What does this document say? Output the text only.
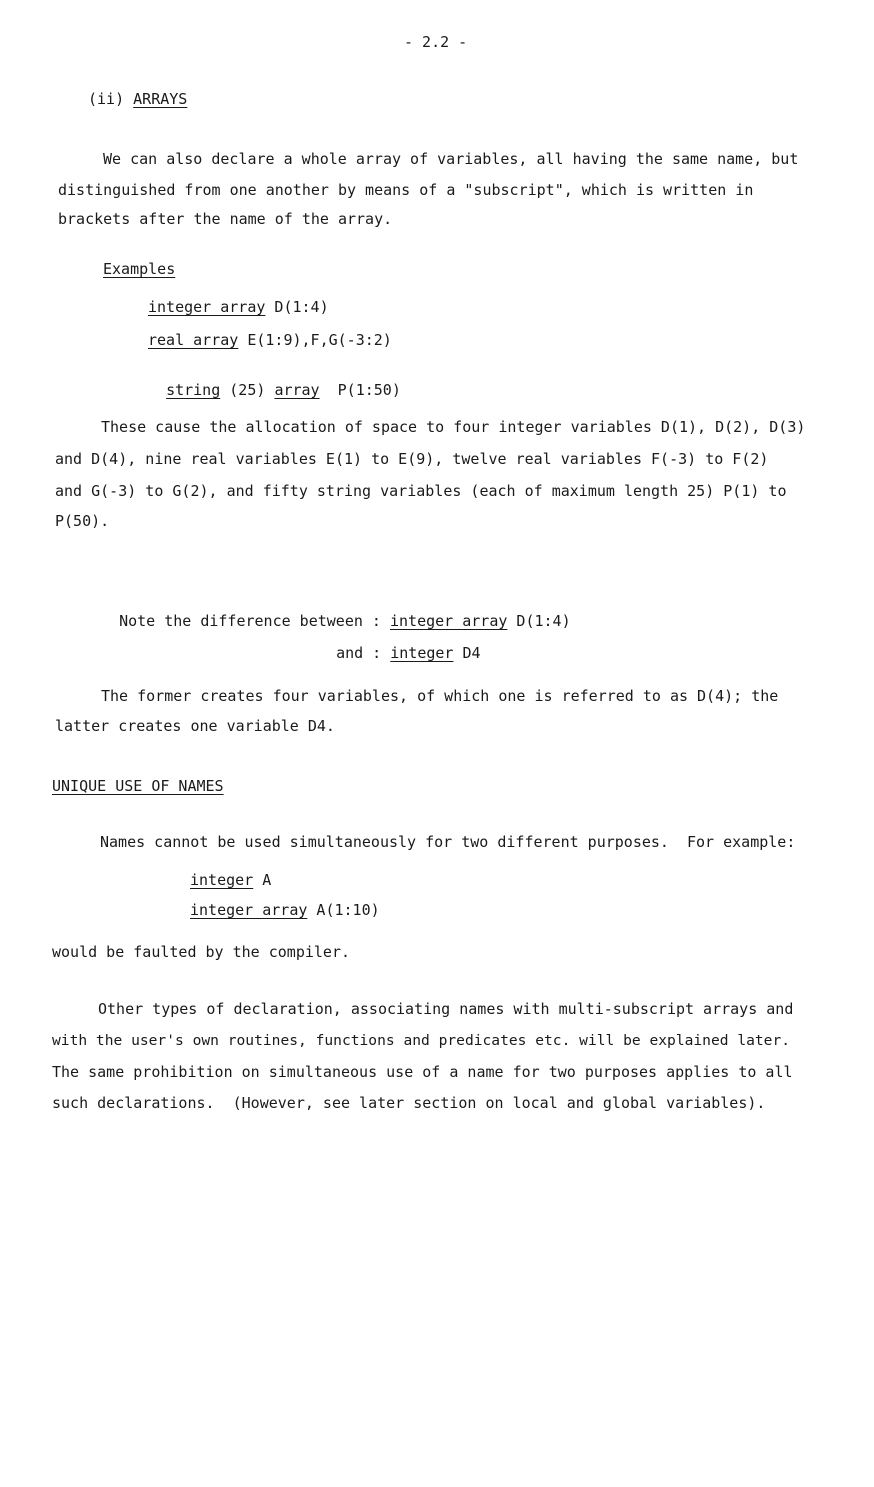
- 2.2 -
(ii) ARRAYS
We can also declare a whole array of variables, all having the same name, but
distinguished from one another by means of a "subscript", which is written in
brackets after the name of the array.
Examples
integer array D(1:4)
real array E(1:9),F,G(-3:2)

string (25) array  P(1:50)

These cause the allocation of space to four integer variables D(1), D(2), D(3)
and D(4), nine real variables E(1) to E(9), twelve real variables F(-3) to F(2)
and G(-3) to G(2), and fifty string variables (each of maximum length 25) P(1) to
P(50).

Note the difference between : integer array D(1:4)

and : integer D4

The former creates four variables, of which one is referred to as D(4); the
latter creates one variable D4.
UNIQUE USE OF NAMES
Names cannot be used simultaneously for two different purposes.  For example:
integer A
integer array A(1:10)
would be faulted by the compiler.
Other types of declaration, associating names with multi-subscript arrays and
with the user's own routines, functions and predicates etc. will be explained later.
The same prohibition on simultaneous use of a name for two purposes applies to all
such declarations.  (However, see later section on local and global variables).
